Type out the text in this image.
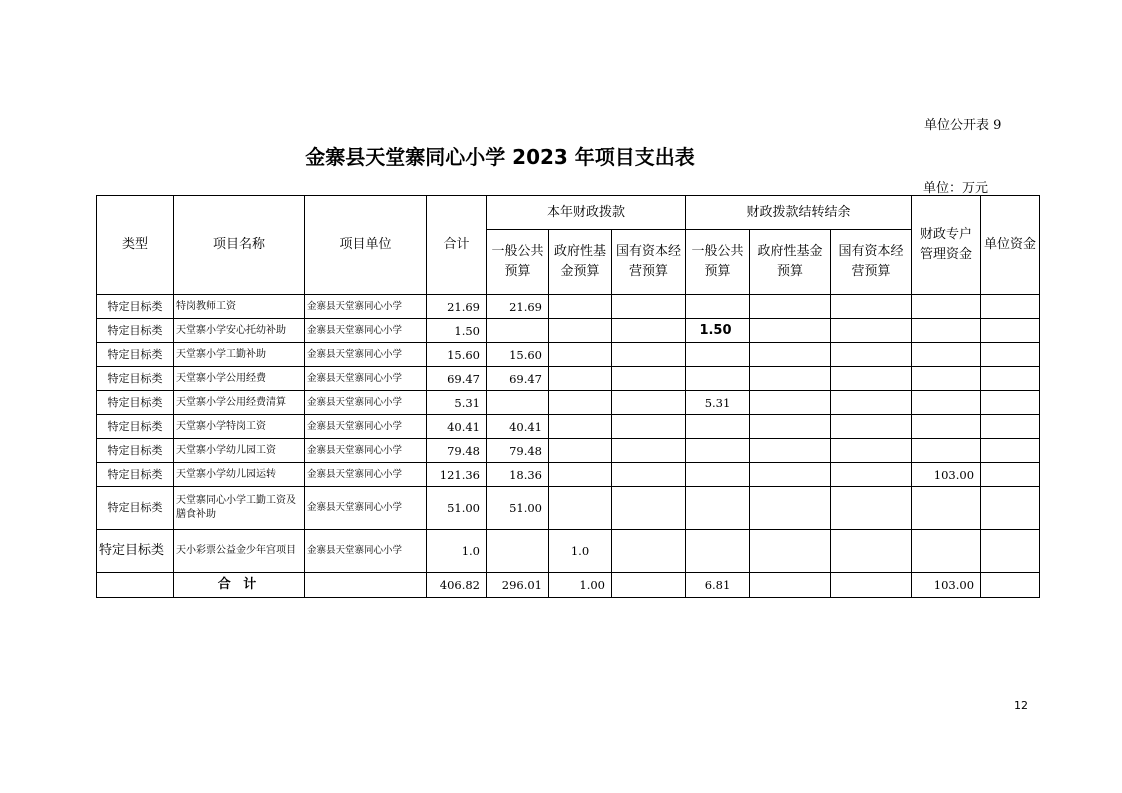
单位公开表 9
金寨县天堂寨同心小学 2023 年项目支出表
单位：万元
类型	项目名称	项目单位	合计	本年财政拨款			财政拨款结转结余			财政专户管理资金	单位资金
				一般公共预算	政府性基金预算	国有资本经营预算	一般公共预算	政府性基金预算	国有资本经营预算		
特定目标类	特岗教师工资	金寨县天堂寨同心小学	21.69	21.69							
特定目标类	天堂寨小学安心托幼补助	金寨县天堂寨同心小学	1.50				1.50				
特定目标类	天堂寨小学工勤补助	金寨县天堂寨同心小学	15.60	15.60							
特定目标类	天堂寨小学公用经费	金寨县天堂寨同心小学	69.47	69.47							
特定目标类	天堂寨小学公用经费清算	金寨县天堂寨同心小学	5.31				5.31				
特定目标类	天堂寨小学特岗工资	金寨县天堂寨同心小学	40.41	40.41							
特定目标类	天堂寨小学幼儿园工资	金寨县天堂寨同心小学	79.48	79.48							
特定目标类	天堂寨小学幼儿园运转	金寨县天堂寨同心小学	121.36	18.36						103.00	
特定目标类	天堂寨同心小学工勤工资及膳食补助	金寨县天堂寨同心小学	51.00	51.00							
特定目标类	天小彩票公益金少年宫项目	金寨县天堂寨同心小学	1.0		1.0						
	合 计		406.82	296.01	1.00		6.81			103.00	
12
